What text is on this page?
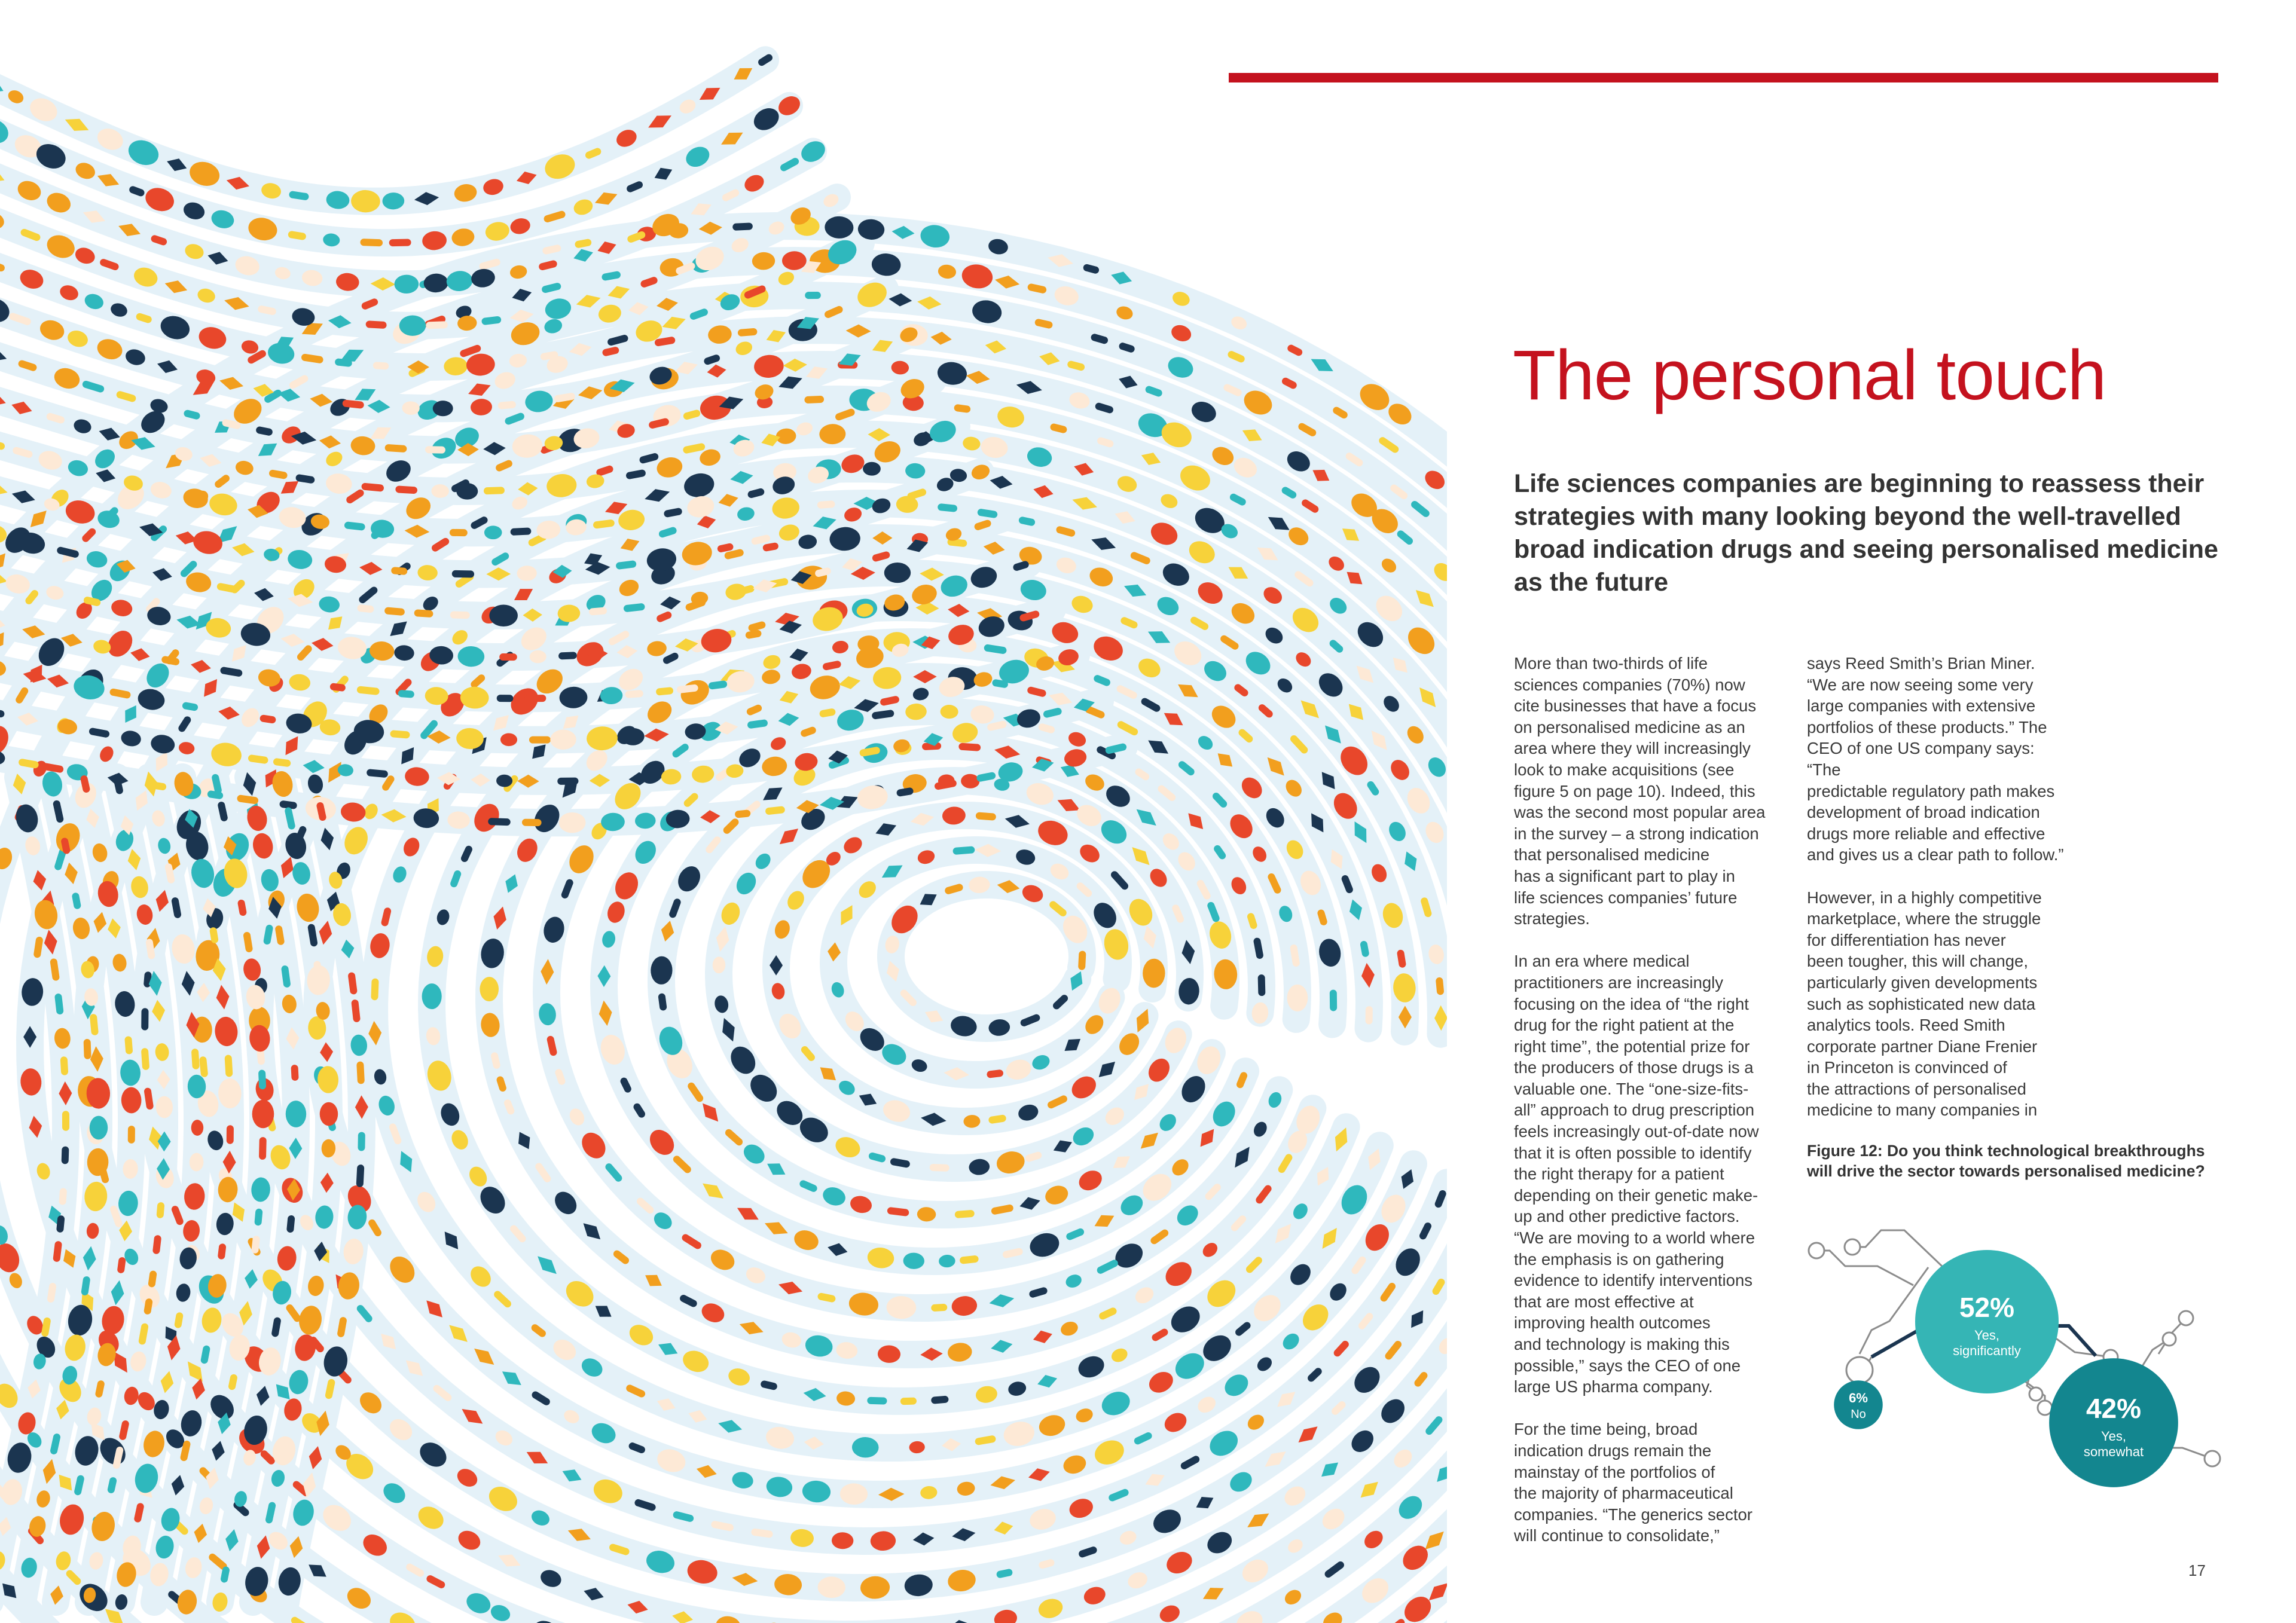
The personal touch

Life sciences companies are beginning to reassess their strategies with many looking beyond the well-travelled broad indication drugs and seeing personalised medicine as the future

More than two-thirds of life
sciences companies (70%) now
cite businesses that have a focus
on personalised medicine as an
area where they will increasingly
look to make acquisitions (see
figure 5 on page 10). Indeed, this
was the second most popular area
in the survey – a strong indication
that personalised medicine
has a significant part to play in
life sciences companies’ future
strategies.

In an era where medical
practitioners are increasingly
focusing on the idea of “the right
drug for the right patient at the
right time”, the potential prize for
the producers of those drugs is a
valuable one. The “one-size-fits-
all” approach to drug prescription
feels increasingly out-of-date now
that it is often possible to identify
the right therapy for a patient
depending on their genetic make-
up and other predictive factors.
“We are moving to a world where
the emphasis is on gathering
evidence to identify interventions
that are most effective at
improving health outcomes
and technology is making this
possible,” says the CEO of one
large US pharma company.

For the time being, broad
indication drugs remain the
mainstay of the portfolios of
the majority of pharmaceutical
companies. “The generics sector
will continue to consolidate,”

says Reed Smith’s Brian Miner.
“We are now seeing some very
large companies with extensive
portfolios of these products.” The
CEO of one US company says: “The
predictable regulatory path makes
development of broad indication
drugs more reliable and effective
and gives us a clear path to follow.”

However, in a highly competitive
marketplace, where the struggle
for differentiation has never
been tougher, this will change,
particularly given developments
such as sophisticated new data
analytics tools. Reed Smith
corporate partner Diane Frenier
in Princeton is convinced of
the attractions of personalised
medicine to many companies in

Figure 12: Do you think technological breakthroughs
will drive the sector towards personalised medicine?
52%
Yes,
significantly
42%
Yes,
somewhat
6%
No
17
